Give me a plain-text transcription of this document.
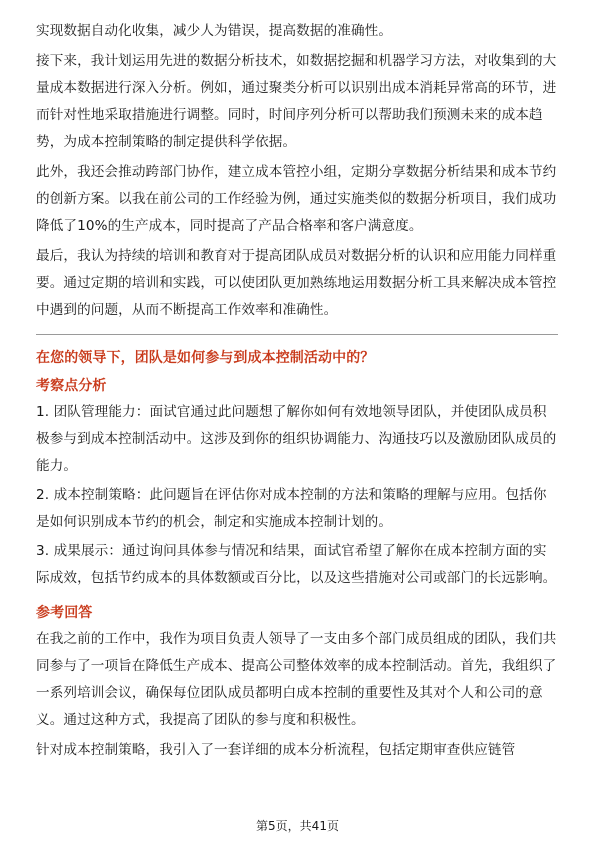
实现数据自动化收集，减少人为错误，提高数据的准确性。

接下来，我计划运用先进的数据分析技术，如数据挖掘和机器学习方法，对收集到的大量成本数据进行深入分析。例如，通过聚类分析可以识别出成本消耗异常高的环节，进而针对性地采取措施进行调整。同时，时间序列分析可以帮助我们预测未来的成本趋势，为成本控制策略的制定提供科学依据。

此外，我还会推动跨部门协作，建立成本管控小组，定期分享数据分析结果和成本节约的创新方案。以我在前公司的工作经验为例，通过实施类似的数据分析项目，我们成功降低了10%的生产成本，同时提高了产品合格率和客户满意度。

最后，我认为持续的培训和教育对于提高团队成员对数据分析的认识和应用能力同样重要。通过定期的培训和实践，可以使团队更加熟练地运用数据分析工具来解决成本管控中遇到的问题，从而不断提高工作效率和准确性。

在您的领导下，团队是如何参与到成本控制活动中的？

考察点分析

1. 团队管理能力：面试官通过此问题想了解你如何有效地领导团队，并使团队成员积极参与到成本控制活动中。这涉及到你的组织协调能力、沟通技巧以及激励团队成员的能力。

2. 成本控制策略：此问题旨在评估你对成本控制的方法和策略的理解与应用。包括你是如何识别成本节约的机会，制定和实施成本控制计划的。

3. 成果展示：通过询问具体参与情况和结果，面试官希望了解你在成本控制方面的实际成效，包括节约成本的具体数额或百分比，以及这些措施对公司或部门的长远影响。

参考回答

在我之前的工作中，我作为项目负责人领导了一支由多个部门成员组成的团队，我们共同参与了一项旨在降低生产成本、提高公司整体效率的成本控制活动。首先，我组织了一系列培训会议，确保每位团队成员都明白成本控制的重要性及其对个人和公司的意义。通过这种方式，我提高了团队的参与度和积极性。

针对成本控制策略，我引入了一套详细的成本分析流程，包括定期审查供应链管

第5页，共41页
